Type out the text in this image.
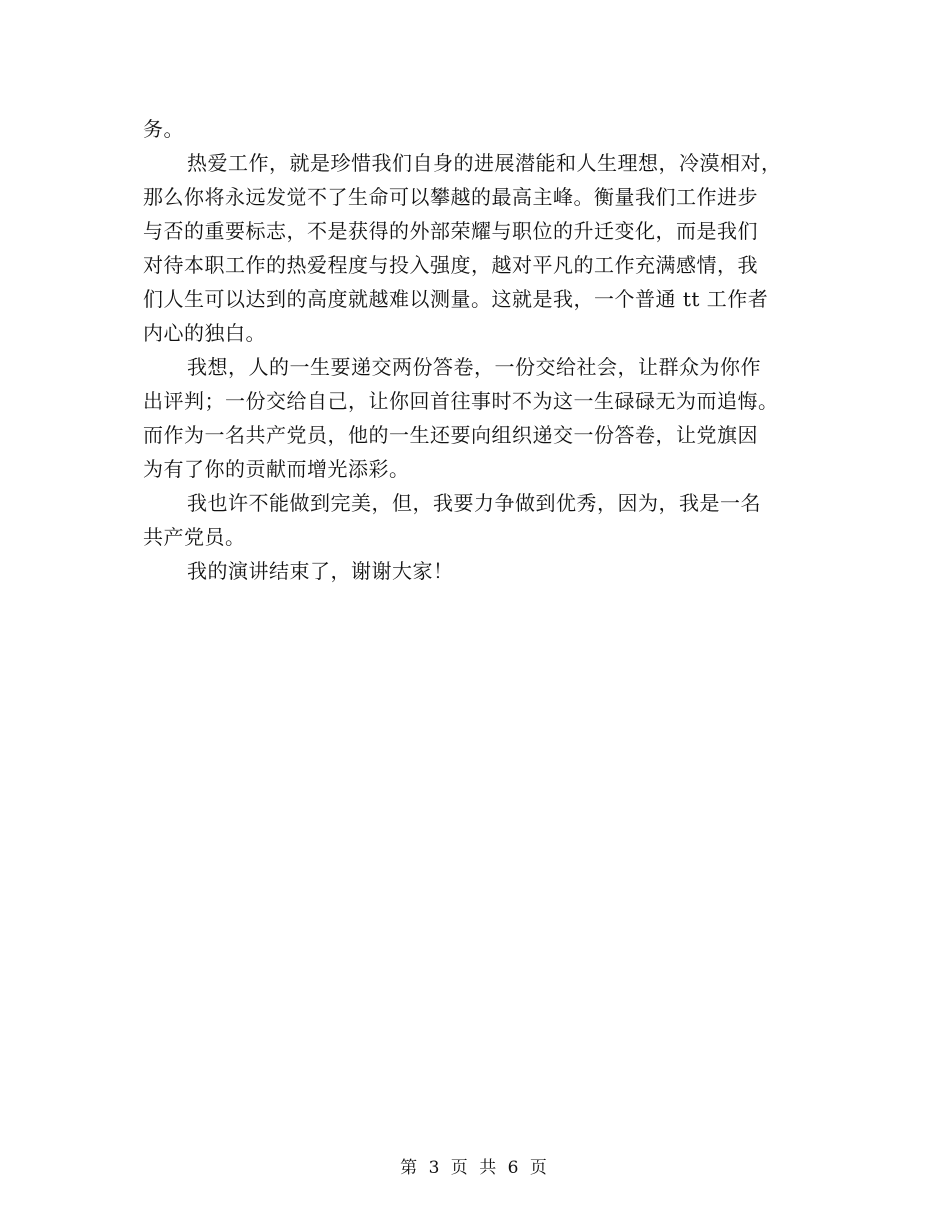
务。
热爱工作，就是珍惜我们自身的进展潜能和人生理想，冷漠相对，
那么你将永远发觉不了生命可以攀越的最高主峰。衡量我们工作进步
与否的重要标志，不是获得的外部荣耀与职位的升迁变化，而是我们
对待本职工作的热爱程度与投入强度，越对平凡的工作充满感情，我
们人生可以达到的高度就越难以测量。这就是我，一个普通 tt 工作者
内心的独白。
我想，人的一生要递交两份答卷，一份交给社会，让群众为你作
出评判；一份交给自己，让你回首往事时不为这一生碌碌无为而追悔。
而作为一名共产党员，他的一生还要向组织递交一份答卷，让党旗因
为有了你的贡献而增光添彩。
我也许不能做到完美，但，我要力争做到优秀，因为，我是一名
共产党员。
我的演讲结束了，谢谢大家！
第 3 页 共 6 页
